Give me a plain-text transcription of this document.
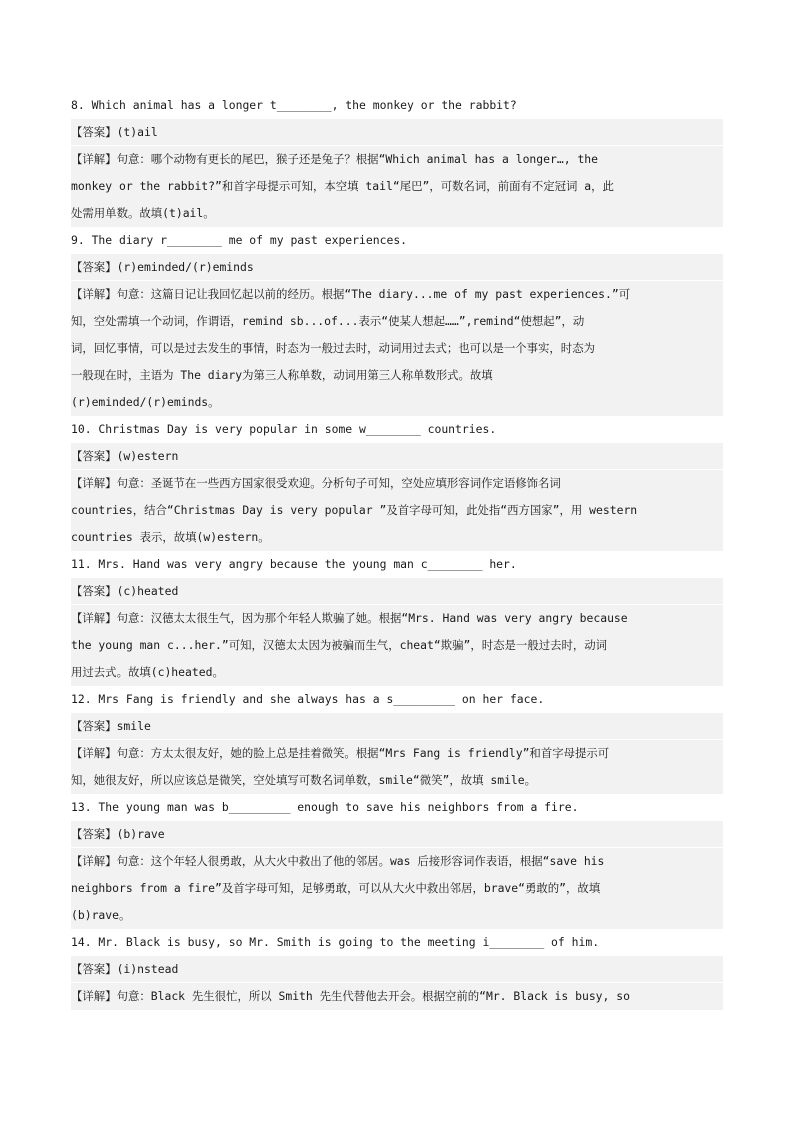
8. Which animal has a longer t________, the monkey or the rabbit?
【答案】(t)ail
【详解】句意：哪个动物有更长的尾巴，猴子还是兔子？根据“Which animal has a longer…, the
monkey or the rabbit?”和首字母提示可知，本空填 tail“尾巴”，可数名词，前面有不定冠词 a，此
处需用单数。故填(t)ail。
9. The diary r________ me of my past experiences.
【答案】(r)eminded/(r)eminds
【详解】句意：这篇日记让我回忆起以前的经历。根据“The diary...me of my past experiences.”可
知，空处需填一个动词，作谓语，remind sb...of...表示“使某人想起……”,remind“使想起”，动
词，回忆事情，可以是过去发生的事情，时态为一般过去时，动词用过去式；也可以是一个事实，时态为
一般现在时，主语为 The diary为第三人称单数，动词用第三人称单数形式。故填
(r)eminded/(r)eminds。
10. Christmas Day is very popular in some w________ countries.
【答案】(w)estern
【详解】句意：圣诞节在一些西方国家很受欢迎。分析句子可知，空处应填形容词作定语修饰名词
countries，结合“Christmas Day is very popular ”及首字母可知，此处指“西方国家”，用 western
countries 表示，故填(w)estern。
11. Mrs. Hand was very angry because the young man c________ her.
【答案】(c)heated
【详解】句意：汉德太太很生气，因为那个年轻人欺骗了她。根据“Mrs. Hand was very angry because
the young man c...her.”可知，汉德太太因为被骗而生气，cheat“欺骗”，时态是一般过去时，动词
用过去式。故填(c)heated。
12. Mrs Fang is friendly and she always has a s_________ on her face.
【答案】smile
【详解】句意：方太太很友好，她的脸上总是挂着微笑。根据“Mrs Fang is friendly”和首字母提示可
知，她很友好，所以应该总是微笑，空处填写可数名词单数，smile“微笑”，故填 smile。
13. The young man was b_________ enough to save his neighbors from a fire.
【答案】(b)rave
【详解】句意：这个年轻人很勇敢，从大火中救出了他的邻居。was 后接形容词作表语，根据“save his
neighbors from a fire”及首字母可知，足够勇敢，可以从大火中救出邻居，brave“勇敢的”，故填
(b)rave。
14. Mr. Black is busy, so Mr. Smith is going to the meeting i________ of him.
【答案】(i)nstead
【详解】句意：Black 先生很忙，所以 Smith 先生代替他去开会。根据空前的“Mr. Black is busy, so
